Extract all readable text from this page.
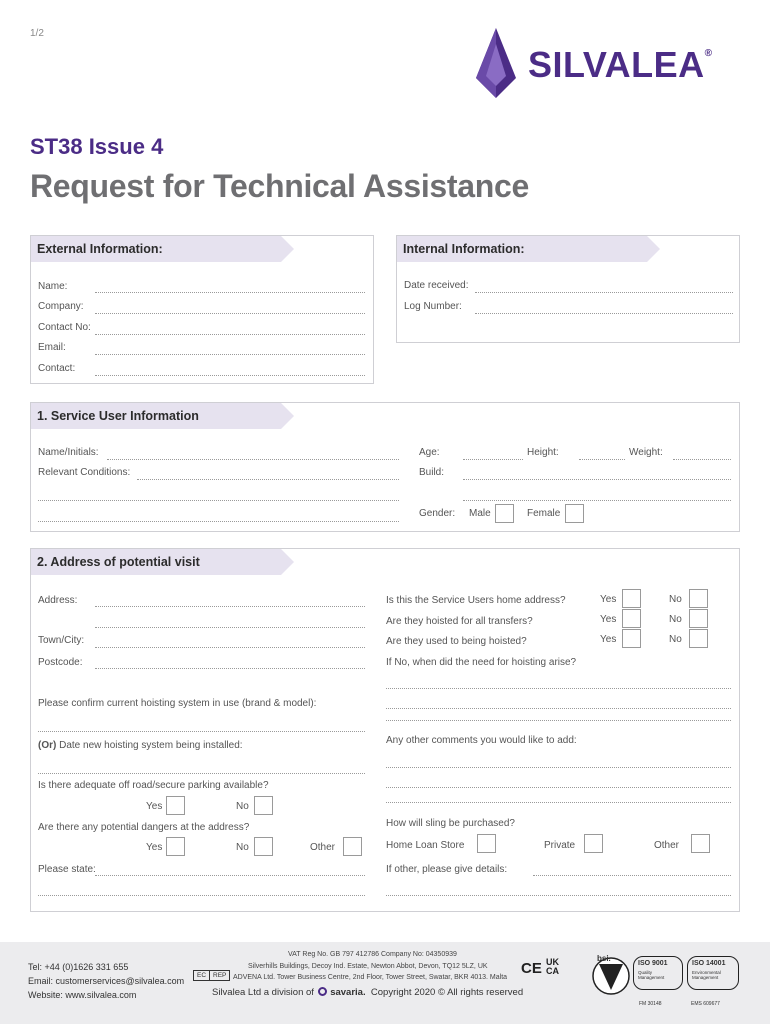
1/2
SILVALEA®
ST38 Issue 4
Request for Technical Assistance
External Information:
Name:
Company:
Contact No:
Email:
Contact:
Internal Information:
Date received:
Log Number:
1. Service User Information
Name/Initials:
Relevant Conditions:
Age:	Height:	Weight:
Build:
Gender: Male	Female
2. Address of potential visit
Address:
Town/City:
Postcode:
Please confirm current hoisting system in use (brand & model):
(Or) Date new hoisting system being installed:
Is there adequate off road/secure parking available?
Yes	No
Are there any potential dangers at the address?
Yes	No	Other
Please state:
Is this the Service Users home address?	Yes	No
Are they hoisted for all transfers?	Yes	No
Are they used to being hoisted?	Yes	No
If No, when did the need for hoisting arise?
Any other comments you would like to add:
How will sling be purchased?
Home Loan Store	Private	Other
If other, please give details:
Tel: +44 (0)1626 331 655
Email: customerservices@silvalea.com
Website: www.silvalea.com
VAT Reg No. GB 797 412786 Company No: 04350939
Silverhills Buildings, Decoy Ind. Estate, Newton Abbot, Devon, TQ12 5LZ, UK
EC REP ADVENA Ltd. Tower Business Centre, 2nd Floor, Tower Street, Swatar, BKR 4013. Malta
CE UK CA
Silvalea Ltd a division of savaria. Copyright 2020 © All rights reserved
bsi.
ISO 9001
Quality Management
FM 30148
ISO 14001
Environmental Management
EMS 609677
